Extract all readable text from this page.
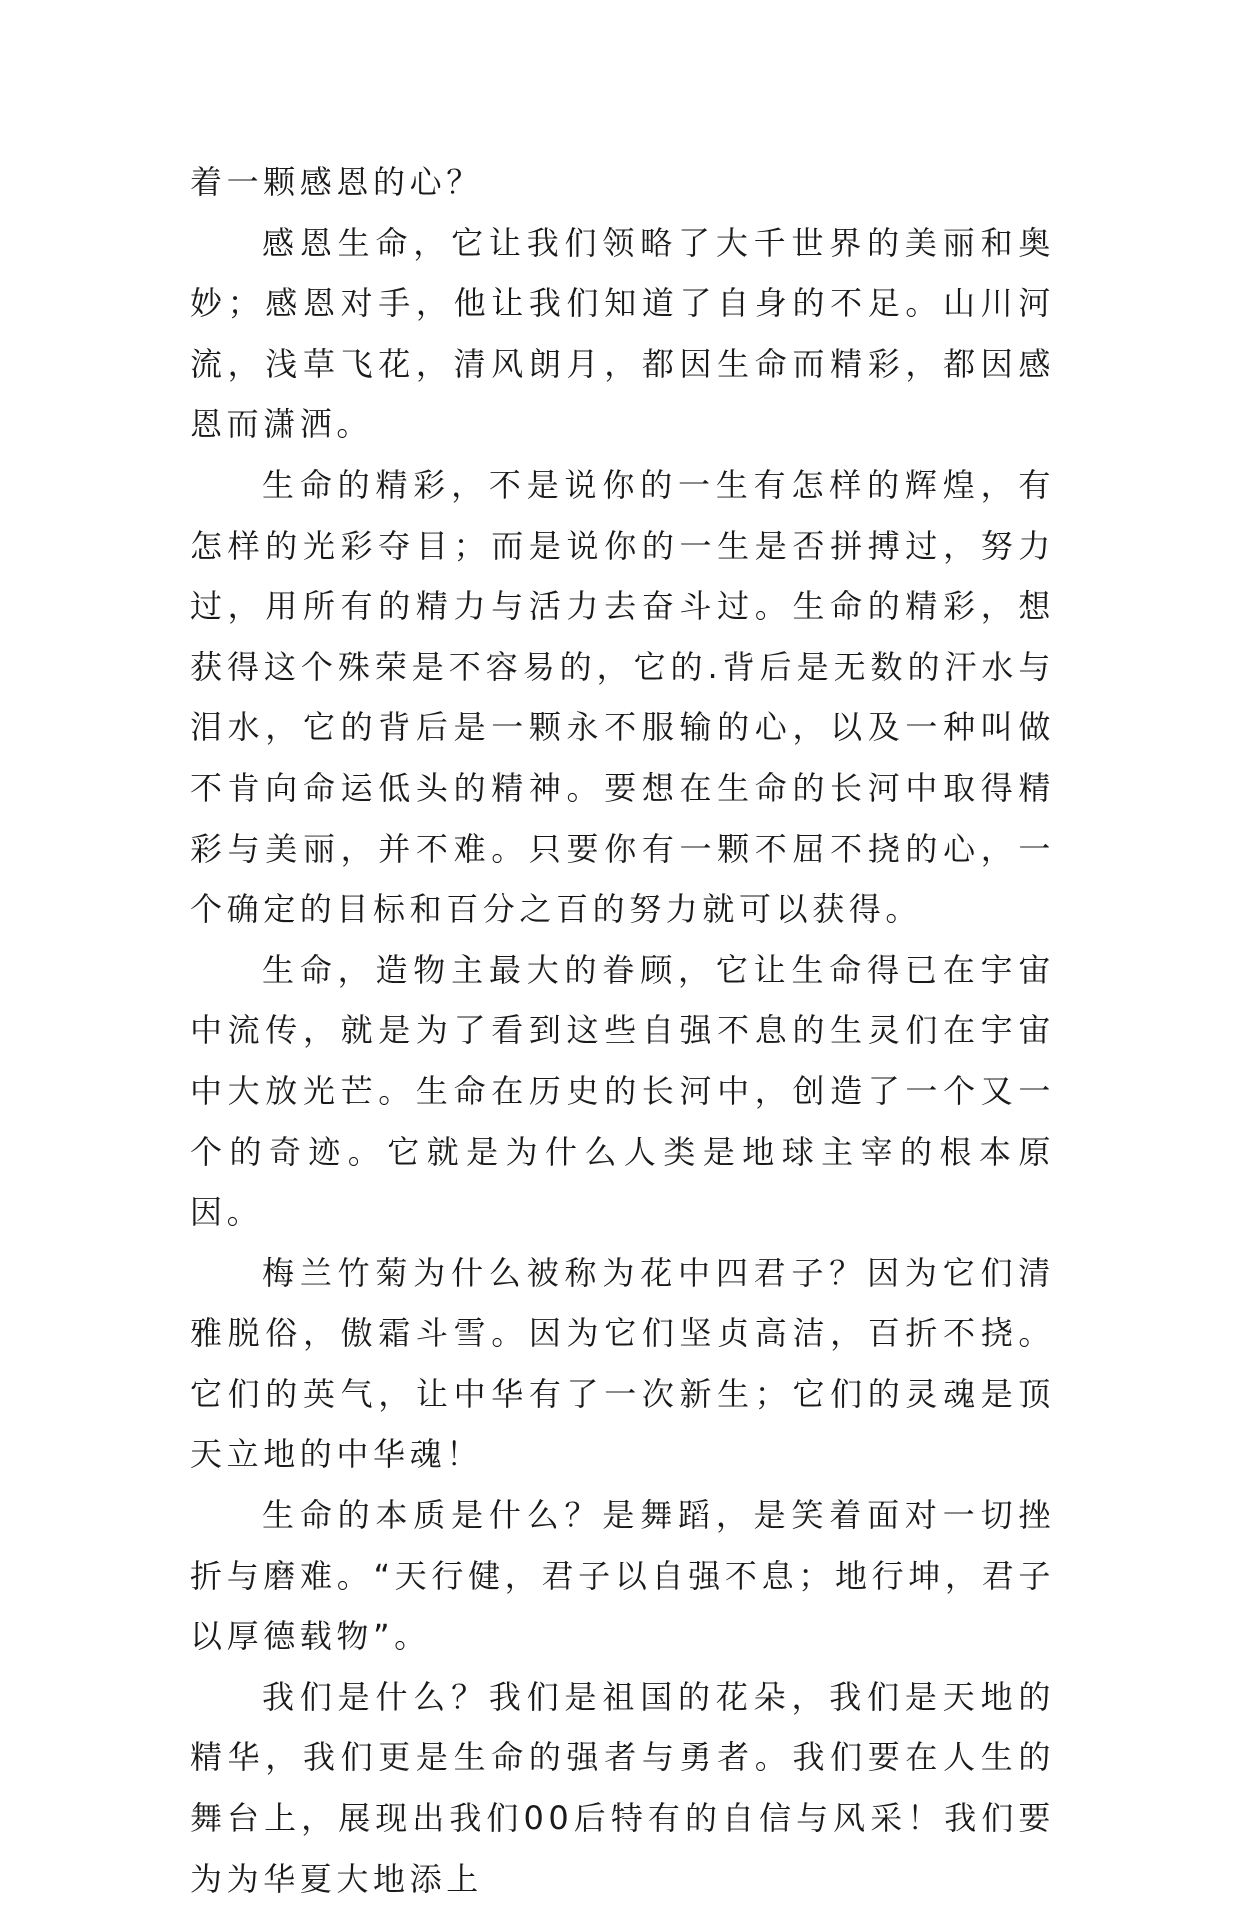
着一颗感恩的心？

感恩生命，它让我们领略了大千世界的美丽和奥妙；感恩对手，他让我们知道了自身的不足。山川河流，浅草飞花，清风朗月，都因生命而精彩，都因感恩而潇洒。

生命的精彩，不是说你的一生有怎样的辉煌，有怎样的光彩夺目；而是说你的一生是否拼搏过，努力过，用所有的精力与活力去奋斗过。生命的精彩，想获得这个殊荣是不容易的，它的.背后是无数的汗水与泪水，它的背后是一颗永不服输的心，以及一种叫做不肯向命运低头的精神。要想在生命的长河中取得精彩与美丽，并不难。只要你有一颗不屈不挠的心，一个确定的目标和百分之百的努力就可以获得。

生命，造物主最大的眷顾，它让生命得已在宇宙中流传，就是为了看到这些自强不息的生灵们在宇宙中大放光芒。生命在历史的长河中，创造了一个又一个的奇迹。它就是为什么人类是地球主宰的根本原因。

梅兰竹菊为什么被称为花中四君子？因为它们清雅脱俗，傲霜斗雪。因为它们坚贞高洁，百折不挠。它们的英气，让中华有了一次新生；它们的灵魂是顶天立地的中华魂！

生命的本质是什么？是舞蹈，是笑着面对一切挫折与磨难。“天行健，君子以自强不息；地行坤，君子以厚德载物”。

我们是什么？我们是祖国的花朵，我们是天地的精华，我们更是生命的强者与勇者。我们要在人生的舞台上，展现出我们00后特有的自信与风采！我们要为为华夏大地添上
